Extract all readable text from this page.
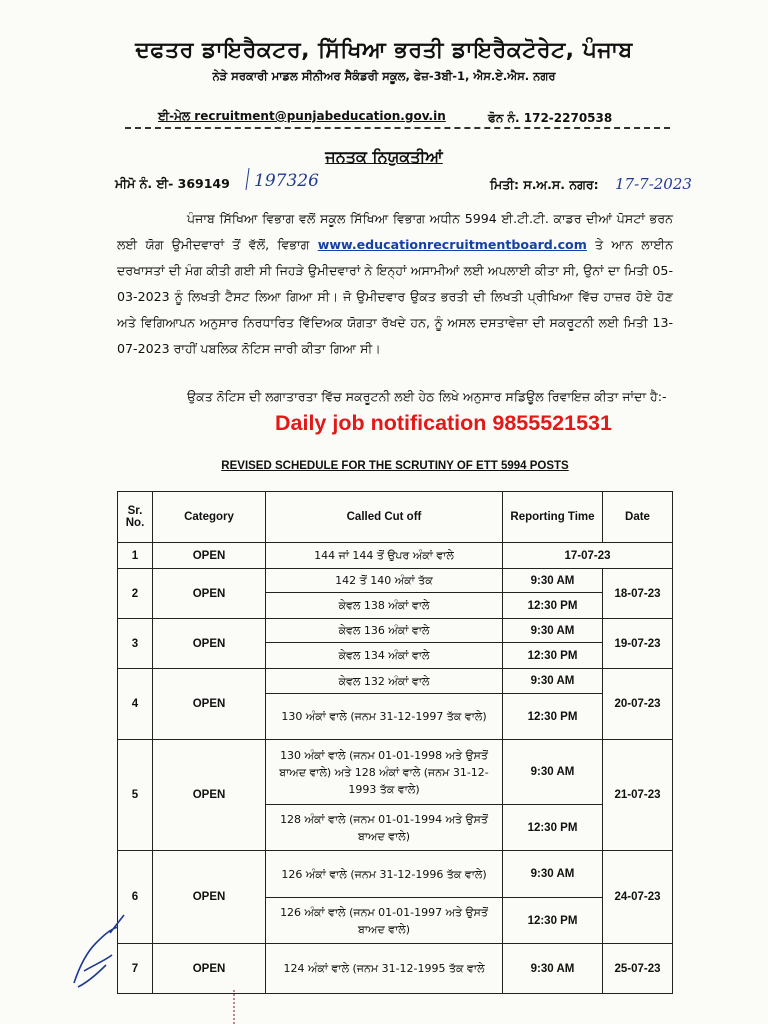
ਦਫਤਰ ਡਾਇਰੈਕਟਰ, ਸਿੱਖਿਆ ਭਰਤੀ ਡਾਇਰੈਕਟੋਰੇਟ, ਪੰਜਾਬ
ਨੇੜੇ ਸਰਕਾਰੀ ਮਾਡਲ ਸੀਨੀਅਰ ਸੈਕੰਡਰੀ ਸਕੂਲ, ਫੇਜ਼-3ਬੀ-1, ਐਸ.ਏ.ਐਸ. ਨਗਰ
ਈ-ਮੇਲ recruitment@punjabeducation.gov.in	ਫੋਨ ਨੰ. 172-2270538
ਜਨਤਕ ਨਿਯੁਕਤੀਆਂ
ਮੀਮੋ ਨੰ. ਈ- 369149 197326	ਮਿਤੀ: ਸ.ਅ.ਸ. ਨਗਰ: 17-7-2023
ਪੰਜਾਬ ਸਿੱਖਿਆ ਵਿਭਾਗ ਵਲੋਂ ਸਕੂਲ ਸਿੱਖਿਆ ਵਿਭਾਗ ਅਧੀਨ 5994 ਈ.ਟੀ.ਟੀ. ਕਾਡਰ ਦੀਆਂ ਪੋਸਟਾਂ ਭਰਨ ਲਈ ਯੋਗ ਉਮੀਦਵਾਰਾਂ ਤੋਂ ਵੱਲੋਂ, ਵਿਭਾਗ www.educationrecruitmentboard.com ਤੇ ਆਨ ਲਾਈਨ ਦਰਖਾਸਤਾਂ ਦੀ ਮੰਗ ਕੀਤੀ ਗਈ ਸੀ ਜਿਹੜੇ ਉਮੀਦਵਾਰਾਂ ਨੇ ਇਨ੍ਹਾਂ ਅਸਾਮੀਆਂ ਲਈ ਅਪਲਾਈ ਕੀਤਾ ਸੀ, ਉਨਾਂ ਦਾ ਮਿਤੀ 05-03-2023 ਨੂੰ ਲਿਖਤੀ ਟੈਸਟ ਲਿਆ ਗਿਆ ਸੀ। ਜੋ ਉਮੀਦਵਾਰ ਉਕਤ ਭਰਤੀ ਦੀ ਲਿਖਤੀ ਪ੍ਰੀਖਿਆ ਵਿੱਚ ਹਾਜ਼ਰ ਹੋਏ ਹੋਣ ਅਤੇ ਵਿਗਿਆਪਨ ਅਨੁਸਾਰ ਨਿਰਧਾਰਿਤ ਵਿੱਦਿਅਕ ਯੋਗਤਾ ਰੱਖਦੇ ਹਨ, ਨੂੰ ਅਸਲ ਦਸਤਾਵੇਜ਼ਾ ਦੀ ਸਕਰੂਟਨੀ ਲਈ ਮਿਤੀ 13-07-2023 ਰਾਹੀਂ ਪਬਲਿਕ ਨੋਟਿਸ ਜਾਰੀ ਕੀਤਾ ਗਿਆ ਸੀ।
ਉਕਤ ਨੋਟਿਸ ਦੀ ਲਗਾਤਾਰਤਾ ਵਿੱਚ ਸਕਰੂਟਨੀ ਲਈ ਹੇਠ ਲਿਖੇ ਅਨੁਸਾਰ ਸਡਿਊਲ ਰਿਵਾਇਜ਼ ਕੀਤਾ ਜਾਂਦਾ ਹੈ:-
Daily job notification 9855521531
REVISED SCHEDULE FOR THE SCRUTINY OF ETT 5994 POSTS
Sr. No.	Category	Called Cut off	Reporting Time	Date
1	OPEN	144 ਜਾਂ 144 ਤੋਂ ਉਪਰ ਅੰਕਾਂ ਵਾਲੇ	17-07-23	
2	OPEN	142 ਤੋਂ 140 ਅੰਕਾਂ ਤੱਕ	9:30 AM	18-07-23
		ਕੇਵਲ 138 ਅੰਕਾਂ ਵਾਲੇ	12:30 PM	
3	OPEN	ਕੇਵਲ 136 ਅੰਕਾਂ ਵਾਲੇ	9:30 AM	19-07-23
		ਕੇਵਲ 134 ਅੰਕਾਂ ਵਾਲੇ	12:30 PM	
4	OPEN	ਕੇਵਲ 132 ਅੰਕਾਂ ਵਾਲੇ	9:30 AM	20-07-23
		130 ਅੰਕਾਂ ਵਾਲੇ (ਜਨਮ 31-12-1997 ਤੱਕ ਵਾਲੇ)	12:30 PM	
5	OPEN	130 ਅੰਕਾਂ ਵਾਲੇ (ਜਨਮ 01-01-1998 ਅਤੇ ਉਸਤੋਂ ਬਾਅਦ ਵਾਲੇ) ਅਤੇ 128 ਅੰਕਾਂ ਵਾਲੇ (ਜਨਮ 31-12-1993 ਤੱਕ ਵਾਲੇ)	9:30 AM	21-07-23
		128 ਅੰਕਾਂ ਵਾਲੇ (ਜਨਮ 01-01-1994 ਅਤੇ ਉਸਤੋਂ ਬਾਅਦ ਵਾਲੇ)	12:30 PM	
6	OPEN	126 ਅੰਕਾਂ ਵਾਲੇ (ਜਨਮ 31-12-1996 ਤੱਕ ਵਾਲੇ)	9:30 AM	24-07-23
		126 ਅੰਕਾਂ ਵਾਲੇ (ਜਨਮ 01-01-1997 ਅਤੇ ਉਸਤੋਂ ਬਾਅਦ ਵਾਲੇ)	12:30 PM	
7	OPEN	124 ਅੰਕਾਂ ਵਾਲੇ (ਜਨਮ 31-12-1995 ਤੱਕ ਵਾਲੇ	9:30 AM	25-07-23
